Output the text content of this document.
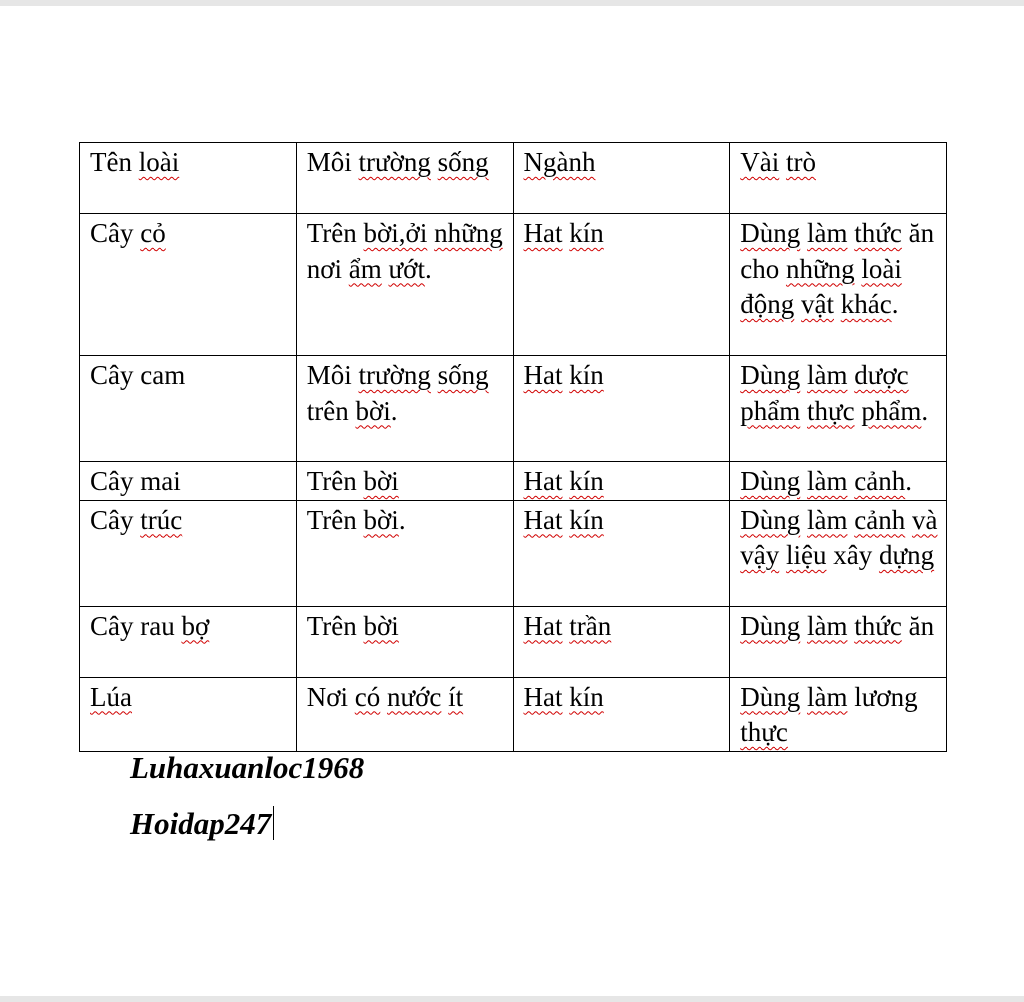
Tên loài	Môi trường sống	Ngành	Vài trò
Cây cỏ	Trên bời,ởi những nơi ẩm ướt.	Hat kín	Dùng làm thức ăn cho những loài động vật khác.
Cây cam	Môi trường sống trên bời.	Hat kín	Dùng làm dược phẩm thực phẩm.
Cây mai	Trên bời	Hat kín	Dùng làm cảnh.
Cây trúc	Trên bời.	Hat kín	Dùng làm cảnh và vậy liệu xây dựng
Cây rau bợ	Trên bời	Hat trần	Dùng làm thức ăn
Lúa	Nơi có nước ít	Hat kín	Dùng làm lương thực
Luhaxuanloc1968
Hoidap247
